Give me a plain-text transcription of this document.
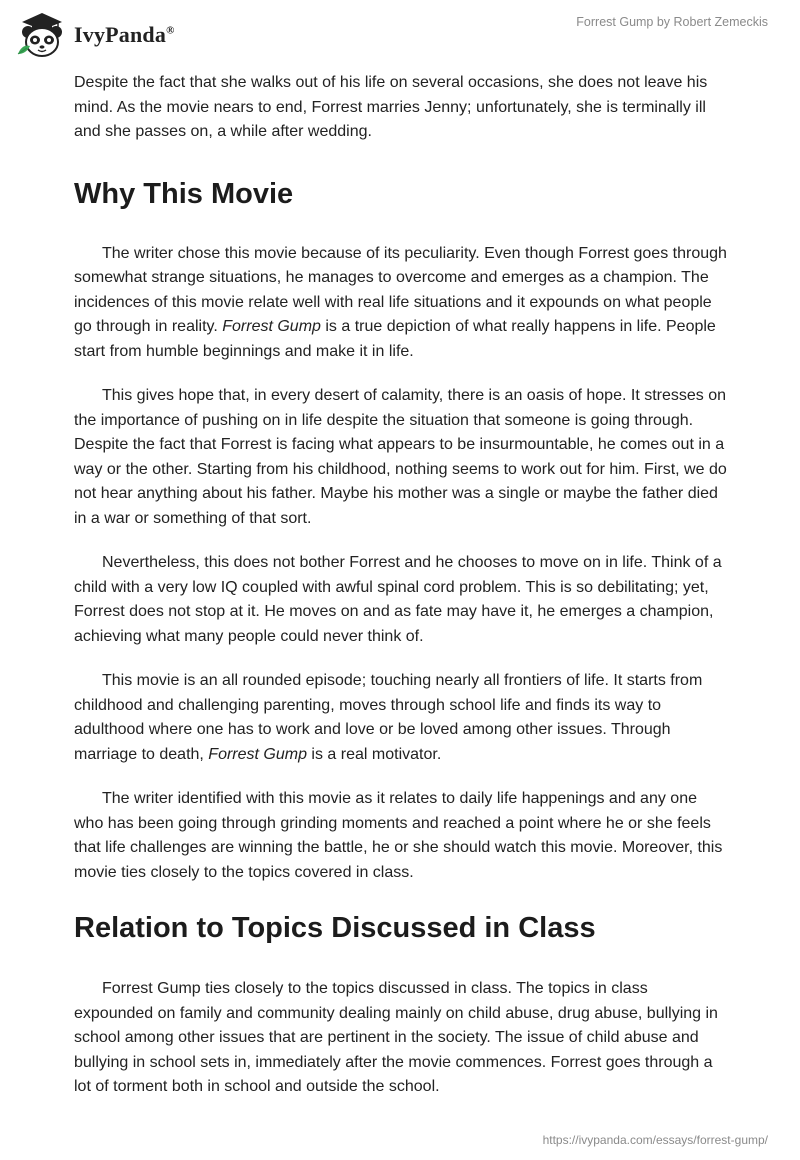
IvyPanda®
Forrest Gump by Robert Zemeckis

Despite the fact that she walks out of his life on several occasions, she does not leave his mind. As the movie nears to end, Forrest marries Jenny; unfortunately, she is terminally ill and she passes on, a while after wedding.

Why This Movie

The writer chose this movie because of its peculiarity. Even though Forrest goes through somewhat strange situations, he manages to overcome and emerges as a champion. The incidences of this movie relate well with real life situations and it expounds on what people go through in reality. Forrest Gump is a true depiction of what really happens in life. People start from humble beginnings and make it in life.

This gives hope that, in every desert of calamity, there is an oasis of hope. It stresses on the importance of pushing on in life despite the situation that someone is going through. Despite the fact that Forrest is facing what appears to be insurmountable, he comes out in a way or the other. Starting from his childhood, nothing seems to work out for him. First, we do not hear anything about his father. Maybe his mother was a single or maybe the father died in a war or something of that sort.

Nevertheless, this does not bother Forrest and he chooses to move on in life. Think of a child with a very low IQ coupled with awful spinal cord problem. This is so debilitating; yet, Forrest does not stop at it. He moves on and as fate may have it, he emerges a champion, achieving what many people could never think of.

This movie is an all rounded episode; touching nearly all frontiers of life. It starts from childhood and challenging parenting, moves through school life and finds its way to adulthood where one has to work and love or be loved among other issues. Through marriage to death, Forrest Gump is a real motivator.

The writer identified with this movie as it relates to daily life happenings and any one who has been going through grinding moments and reached a point where he or she feels that life challenges are winning the battle, he or she should watch this movie. Moreover, this movie ties closely to the topics covered in class.

Relation to Topics Discussed in Class

Forrest Gump ties closely to the topics discussed in class. The topics in class expounded on family and community dealing mainly on child abuse, drug abuse, bullying in school among other issues that are pertinent in the society. The issue of child abuse and bullying in school sets in, immediately after the movie commences. Forrest goes through a lot of torment both in school and outside the school.

https://ivypanda.com/essays/forrest-gump/
